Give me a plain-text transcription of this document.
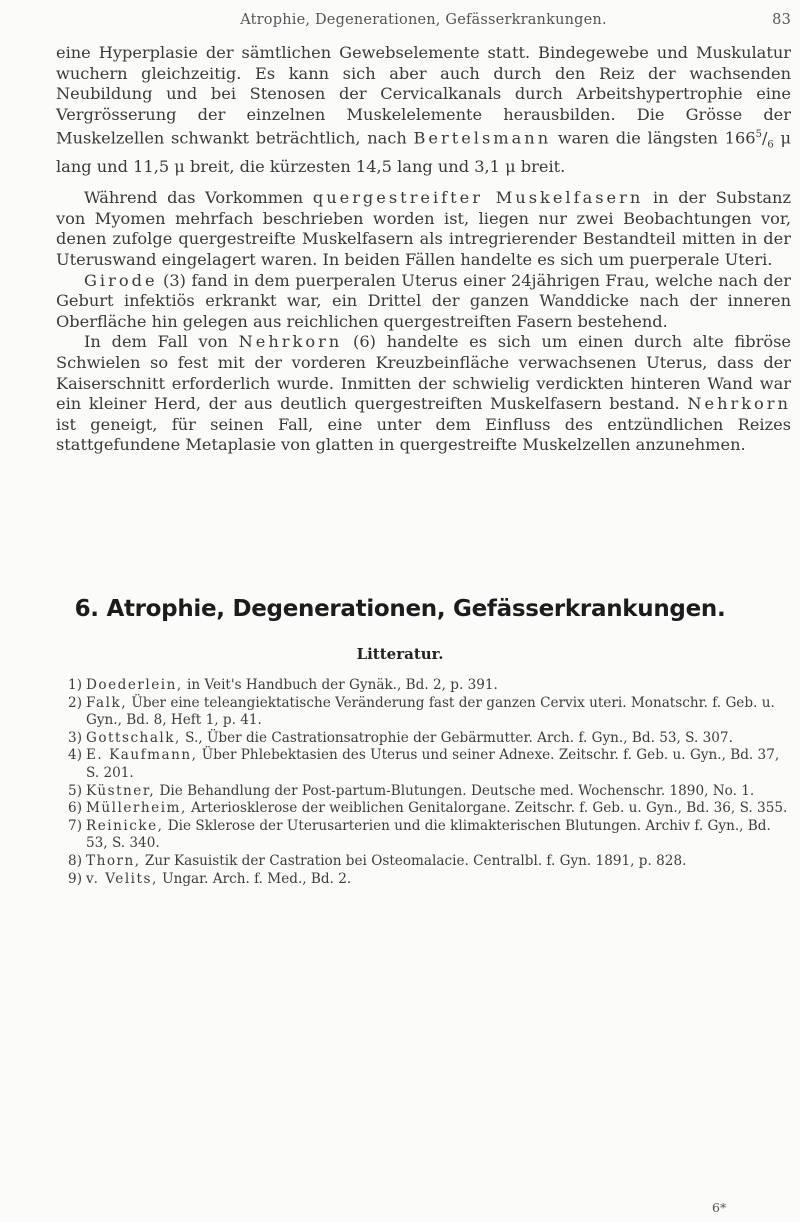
Atrophie, Degenerationen, Gefässerkrankungen.	83

eine Hyperplasie der sämtlichen Gewebselemente statt. Bindegewebe und Muskulatur wuchern gleichzeitig. Es kann sich aber auch durch den Reiz der wachsenden Neubildung und bei Stenosen der Cervicalkanals durch Arbeitshypertrophie eine Vergrösserung der einzelnen Muskelelemente herausbilden. Die Grösse der Muskelzellen schwankt beträchtlich, nach Bertelsmann waren die längsten $166^5/_6$ μ lang und 11,5 μ breit, die kürzesten 14,5 lang und 3,1 μ breit.

Während das Vorkommen quergestreifter Muskelfasern in der Substanz von Myomen mehrfach beschrieben worden ist, liegen nur zwei Beobachtungen vor, denen zufolge quergestreifte Muskelfasern als intregrierender Bestandteil mitten in der Uteruswand eingelagert waren. In beiden Fällen handelte es sich um puerperale Uteri.

Girode (3) fand in dem puerperalen Uterus einer 24jährigen Frau, welche nach der Geburt infektiös erkrankt war, ein Drittel der ganzen Wanddicke nach der inneren Oberfläche hin gelegen aus reichlichen quergestreiften Fasern bestehend.

In dem Fall von Nehrkorn (6) handelte es sich um einen durch alte fibröse Schwielen so fest mit der vorderen Kreuzbeinfläche verwachsenen Uterus, dass der Kaiserschnitt erforderlich wurde. Inmitten der schwielig verdickten hinteren Wand war ein kleiner Herd, der aus deutlich quergestreiften Muskelfasern bestand. Nehrkorn ist geneigt, für seinen Fall, eine unter dem Einfluss des entzündlichen Reizes stattgefundene Metaplasie von glatten in quergestreifte Muskelzellen anzunehmen.

6. Atrophie, Degenerationen, Gefässerkrankungen.
Litteratur.
1) Doederlein, in Veit's Handbuch der Gynäk., Bd. 2, p. 391.
2) Falk, Über eine teleangiektatische Veränderung fast der ganzen Cervix uteri. Monatschr. f. Geb. u. Gyn., Bd. 8, Heft 1, p. 41.
3) Gottschalk, S., Über die Castrationsatrophie der Gebärmutter. Arch. f. Gyn., Bd. 53, S. 307.
4) E. Kaufmann, Über Phlebektasien des Uterus und seiner Adnexe. Zeitschr. f. Geb. u. Gyn., Bd. 37, S. 201.
5) Küstner, Die Behandlung der Post-partum-Blutungen. Deutsche med. Wochenschr. 1890, No. 1.
6) Müllerheim, Arteriosklerose der weiblichen Genitalorgane. Zeitschr. f. Geb. u. Gyn., Bd. 36, S. 355.
7) Reinicke, Die Sklerose der Uterusarterien und die klimakterischen Blutungen. Archiv f. Gyn., Bd. 53, S. 340.
8) Thorn, Zur Kasuistik der Castration bei Osteomalacie. Centralbl. f. Gyn. 1891, p. 828.
9) v. Velits, Ungar. Arch. f. Med., Bd. 2.
6*
